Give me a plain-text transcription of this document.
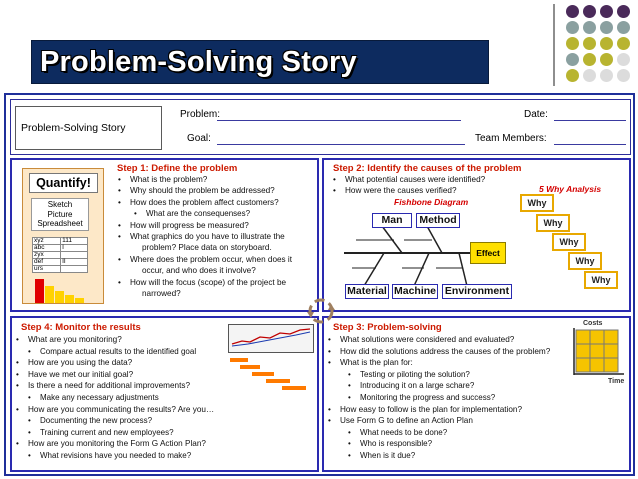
Problem-Solving Story
Problem-Solving Story
Problem:
Goal:
Date:
Team Members:
Quantify!
Sketch
Picture
Spreadsheet
xyz	111
abc	I
zyx	
def	II
urs	
Step 1: Define the problem
• What is the problem?
• Why should the problem be addressed?
• How does the problem affect customers?
• What are the consequenses?
• How will progress be measured?
• What graphics do you have to illustrate the
problem? Place data on storyboard.
• Where does the problem occur, when does it
occur, and who does it involve?
• How will the focus (scope) of the project be
narrowed?
Step 2: Identify the causes of the problem
• What potential causes were identified?
• How were the causes verified?
Fishbone Diagram
5 Why Analysis
Man	Method
Material Machine Environment
Effect
Why
Why
Why
Why
Why
Step 4: Monitor the results
• What are you monitoring?
• Compare actual results to the identified goal
• How are you using the data?
• Have we met our initial goal?
• Is there a need for additional improvements?
• Make any necessary adjustments
• How are you communicating the results? Are you…
• Documenting the new process?
• Training current and new employees?
• How are you monitoring the Form G Action Plan?
• What revisions have you needed to make?
Step 3: Problem-solving
• What solutions were considered and evaluated?
• How did the solutions address the causes of the problem?
• What is the plan for:
• Testing or piloting the solution?
• Introducing it on a large schare?
• Monitoring the progress and success?
• How easy to follow is the plan for implementation?
• Use Form G to define an Action Plan
• What needs to be done?
• Who is responsible?
• When is it due?
Costs
Time
